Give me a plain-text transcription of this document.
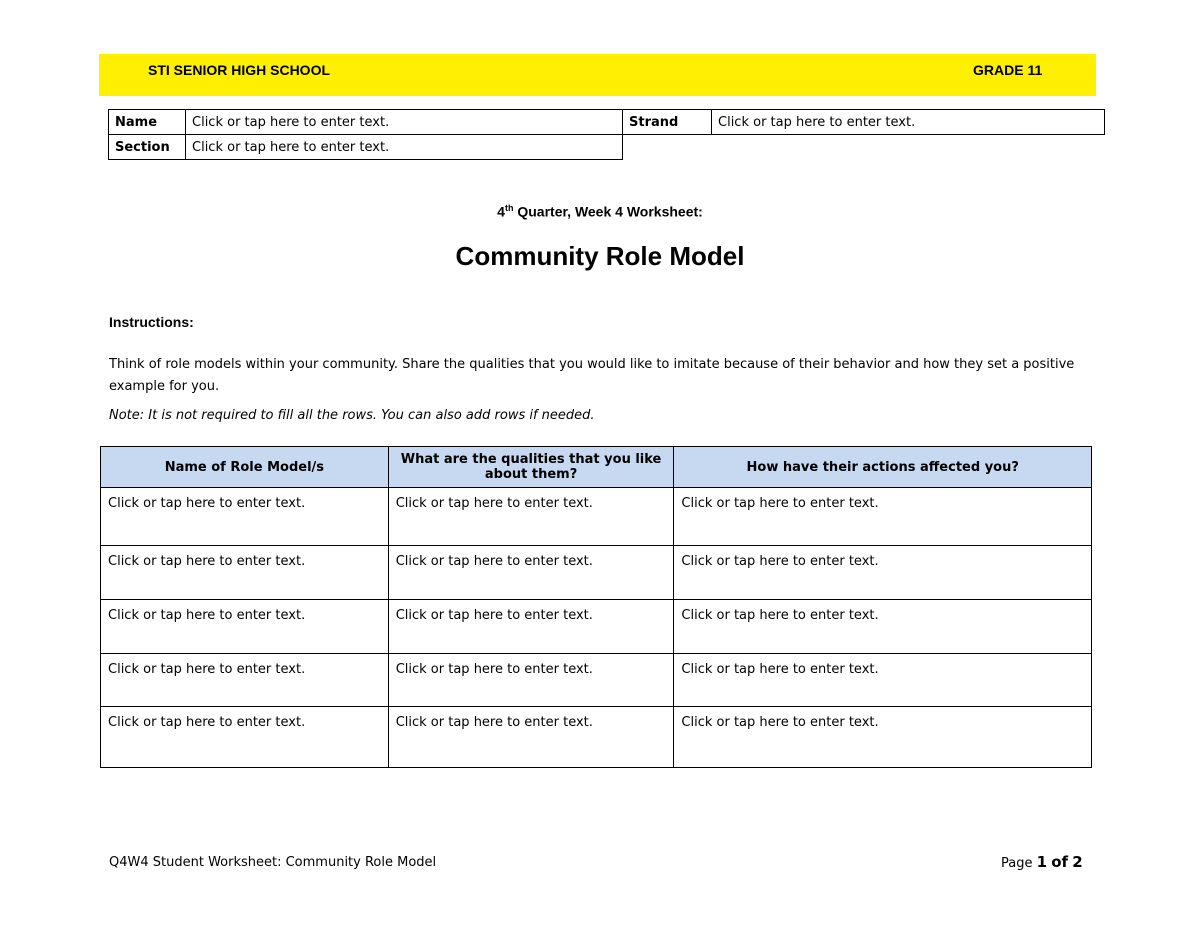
STI SENIOR HIGH SCHOOL	GRADE 11
Name	Click or tap here to enter text.	Strand	Click or tap here to enter text.
Section	Click or tap here to enter text.		
4th Quarter, Week 4 Worksheet:
Community Role Model
Instructions:
Think of role models within your community. Share the qualities that you would like to imitate because of their behavior and how they set a positive example for you.
Note: It is not required to fill all the rows. You can also add rows if needed.
Name of Role Model/s	What are the qualities that you like about them?	How have their actions affected you?
Click or tap here to enter text.	Click or tap here to enter text.	Click or tap here to enter text.
Click or tap here to enter text.	Click or tap here to enter text.	Click or tap here to enter text.
Click or tap here to enter text.	Click or tap here to enter text.	Click or tap here to enter text.
Click or tap here to enter text.	Click or tap here to enter text.	Click or tap here to enter text.
Click or tap here to enter text.	Click or tap here to enter text.	Click or tap here to enter text.
Q4W4 Student Worksheet: Community Role Model	Page 1 of 2
